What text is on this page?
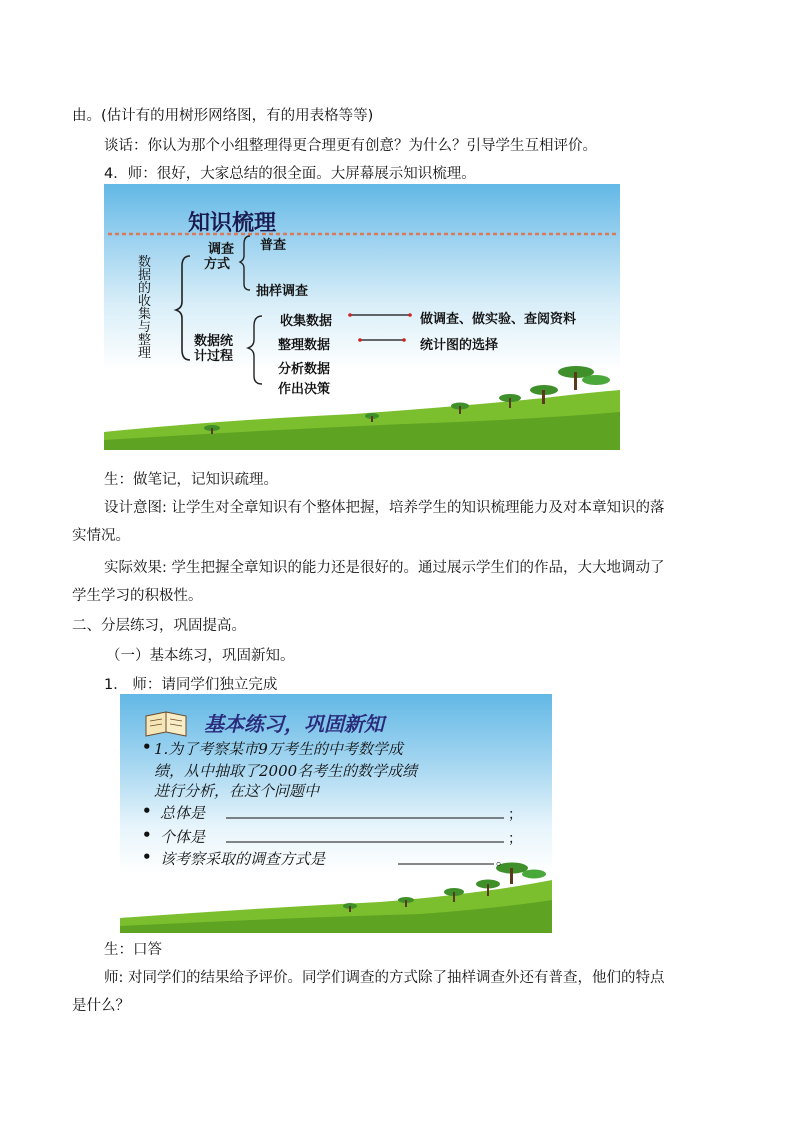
由。(估计有的用树形网络图，有的用表格等等)
谈话：你认为那个小组整理得更合理更有创意？为什么？引导学生互相评价。
4．师：很好，大家总结的很全面。大屏幕展示知识梳理。
知识梳理
数据的收集与整理
调查
方式
普查
抽样调查
数据统
计过程
收集数据
整理数据
分析数据
作出决策
做调查、做实验、查阅资料
统计图的选择
生：做笔记，记知识疏理。
设计意图: 让学生对全章知识有个整体把握，培养学生的知识梳理能力及对本章知识的落
实情况。
实际效果: 学生把握全章知识的能力还是很好的。通过展示学生们的作品，大大地调动了
学生学习的积极性。
二、分层练习，巩固提高。
（一）基本练习，巩固新知。
1． 师：请同学们独立完成
基本练习，巩固新知
• 1.为了考察某市9万考生的中考数学成
绩，从中抽取了2000名考生的数学成绩
进行分析，在这个问题中
• 总体是	；
• 个体是	；
• 该考察采取的调查方式是	。
生：口答
师: 对同学们的结果给予评价。同学们调查的方式除了抽样调查外还有普查，他们的特点
是什么？
